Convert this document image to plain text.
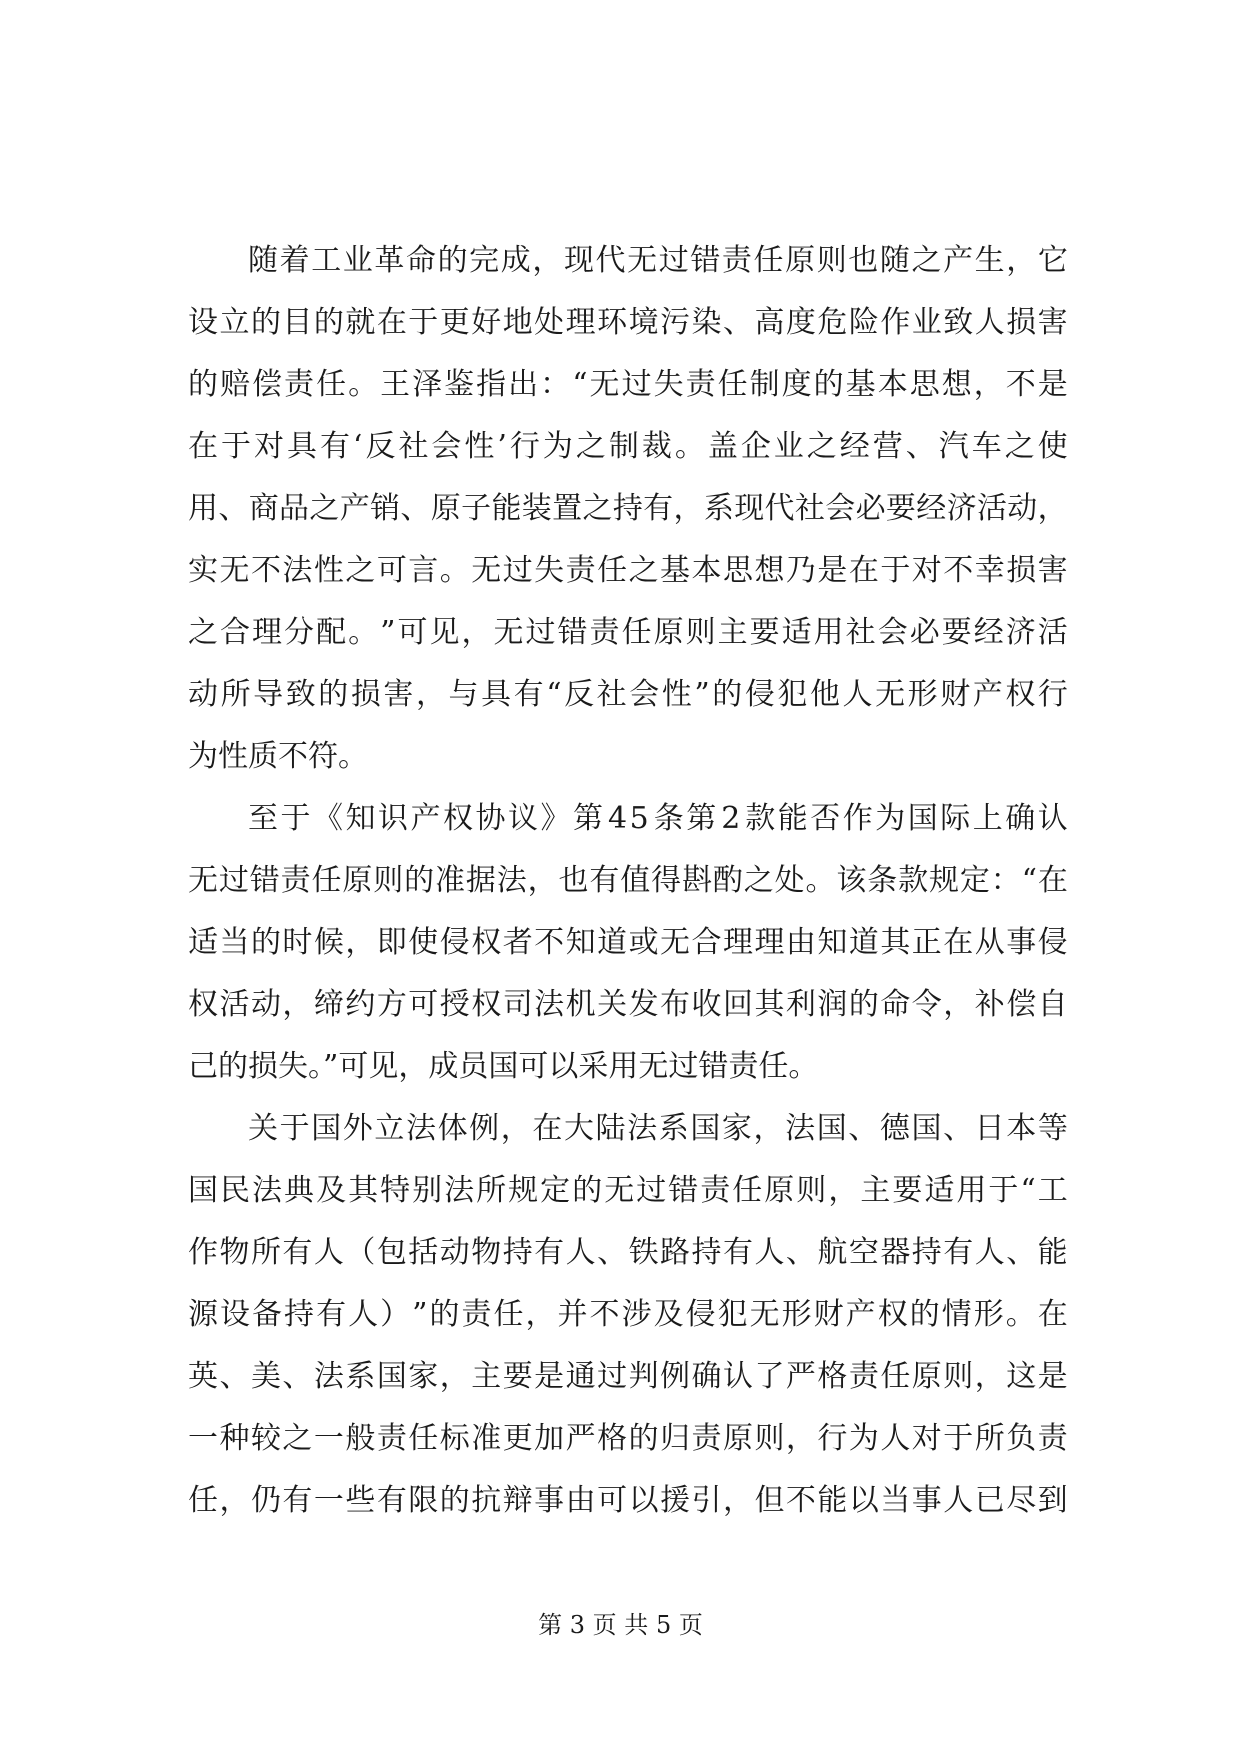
随 着 工 业 革 命 的 完 成 ， 现 代 无 过 错 责 任 原 则 也 随 之 产 生 ， 它
设 立 的 目 的 就 在 于 更 好 地 处 理 环 境 污 染 、 高 度 危 险 作 业 致 人 损 害
的 赔 偿 责 任 。 王 泽 鉴 指 出 ： “ 无 过 失 责 任 制 度 的 基 本 思 想 ， 不 是
在 于 对 具 有 ‘ 反 社 会 性 ’ 行 为 之 制 裁 。 盖 企 业 之 经 营 、 汽 车 之 使
用 、 商 品 之 产 销 、 原 子 能 装 置 之 持 有 ， 系 现 代 社 会 必 要 经 济 活 动 ，
实 无 不 法 性 之 可 言 。 无 过 失 责 任 之 基 本 思 想 乃 是 在 于 对 不 幸 损 害
之 合 理 分 配 。 ” 可 见 ， 无 过 错 责 任 原 则 主 要 适 用 社 会 必 要 经 济 活
动 所 导 致 的 损 害 ， 与 具 有 “ 反 社 会 性 ” 的 侵 犯 他 人 无 形 财 产 权 行
为性质不符。
至 于 《 知 识 产 权 协 议 》 第 4 5 条 第 2 款 能 否 作 为 国 际 上 确 认
无 过 错 责 任 原 则 的 准 据 法 ， 也 有 值 得 斟 酌 之 处 。 该 条 款 规 定 ： “ 在
适 当 的 时 候 ， 即 使 侵 权 者 不 知 道 或 无 合 理 理 由 知 道 其 正 在 从 事 侵
权 活 动 ， 缔 约 方 可 授 权 司 法 机 关 发 布 收 回 其 利 润 的 命 令 ， 补 偿 自
己的损失。”可见，成员国可以采用无过错责任。
关 于 国 外 立 法 体 例 ， 在 大 陆 法 系 国 家 ， 法 国 、 德 国 、 日 本 等
国 民 法 典 及 其 特 别 法 所 规 定 的 无 过 错 责 任 原 则 ， 主 要 适 用 于 “ 工
作 物 所 有 人 （ 包 括 动 物 持 有 人 、 铁 路 持 有 人 、 航 空 器 持 有 人 、 能
源 设 备 持 有 人 ） ” 的 责 任 ， 并 不 涉 及 侵 犯 无 形 财 产 权 的 情 形 。 在
英 、 美 、 法 系 国 家 ， 主 要 是 通 过 判 例 确 认 了 严 格 责 任 原 则 ， 这 是
一 种 较 之 一 般 责 任 标 准 更 加 严 格 的 归 责 原 则 ， 行 为 人 对 于 所 负 责
任 ， 仍 有 一 些 有 限 的 抗 辩 事 由 可 以 援 引 ， 但 不 能 以 当 事 人 已 尽 到
第 3 页 共 5 页
